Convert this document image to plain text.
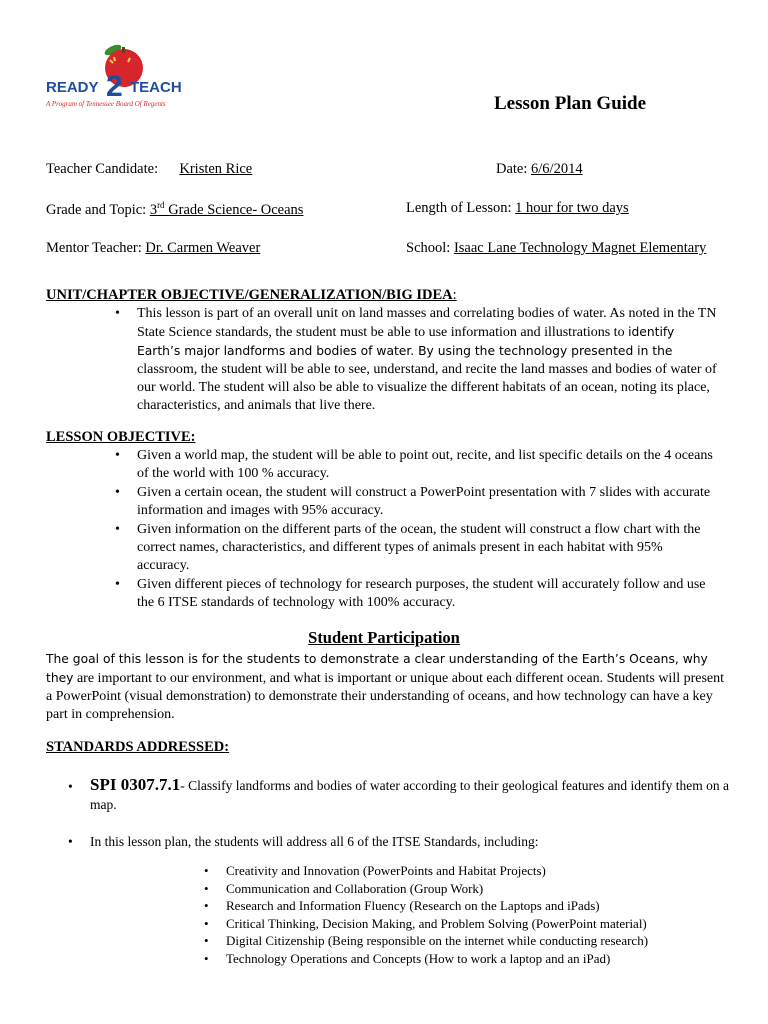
READY 2 TEACH
A Program of Tennessee Board Of Regents	Lesson Plan Guide
Teacher Candidate: Kristen Rice	Date: 6/6/2014
Grade and Topic: 3rd Grade Science- Oceans	Length of Lesson: 1 hour for two days
Mentor Teacher: Dr. Carmen Weaver	School: Isaac Lane Technology Magnet Elementary
UNIT/CHAPTER OBJECTIVE/GENERALIZATION/BIG IDEA:
• This lesson is part of an overall unit on land masses and correlating bodies of water. As noted in the TN State Science standards, the student must be able to use information and illustrations to identify Earth’s major landforms and bodies of water. By using the technology presented in the classroom, the student will be able to see, understand, and recite the land masses and bodies of water of our world. The student will also be able to visualize the different habitats of an ocean, noting its place, characteristics, and animals that live there.
LESSON OBJECTIVE:
• Given a world map, the student will be able to point out, recite, and list specific details on the 4 oceans of the world with 100 % accuracy.
• Given a certain ocean, the student will construct a PowerPoint presentation with 7 slides with accurate information and images with 95% accuracy.
• Given information on the different parts of the ocean, the student will construct a flow chart with the correct names, characteristics, and different types of animals present in each habitat with 95% accuracy.
• Given different pieces of technology for research purposes, the student will accurately follow and use the 6 ITSE standards of technology with 100% accuracy.
Student Participation
The goal of this lesson is for the students to demonstrate a clear understanding of the Earth’s Oceans, why they are important to our environment, and what is important or unique about each different ocean. Students will present a PowerPoint (visual demonstration) to demonstrate their understanding of oceans, and how technology can have a key part in comprehension.
STANDARDS ADDRESSED:
• SPI 0307.7.1- Classify landforms and bodies of water according to their geological features and identify them on a map.
• In this lesson plan, the students will address all 6 of the ITSE Standards, including:
• Creativity and Innovation (PowerPoints and Habitat Projects)
• Communication and Collaboration (Group Work)
• Research and Information Fluency (Research on the Laptops and iPads)
• Critical Thinking, Decision Making, and Problem Solving (PowerPoint material)
• Digital Citizenship (Being responsible on the internet while conducting research)
• Technology Operations and Concepts (How to work a laptop and an iPad)
